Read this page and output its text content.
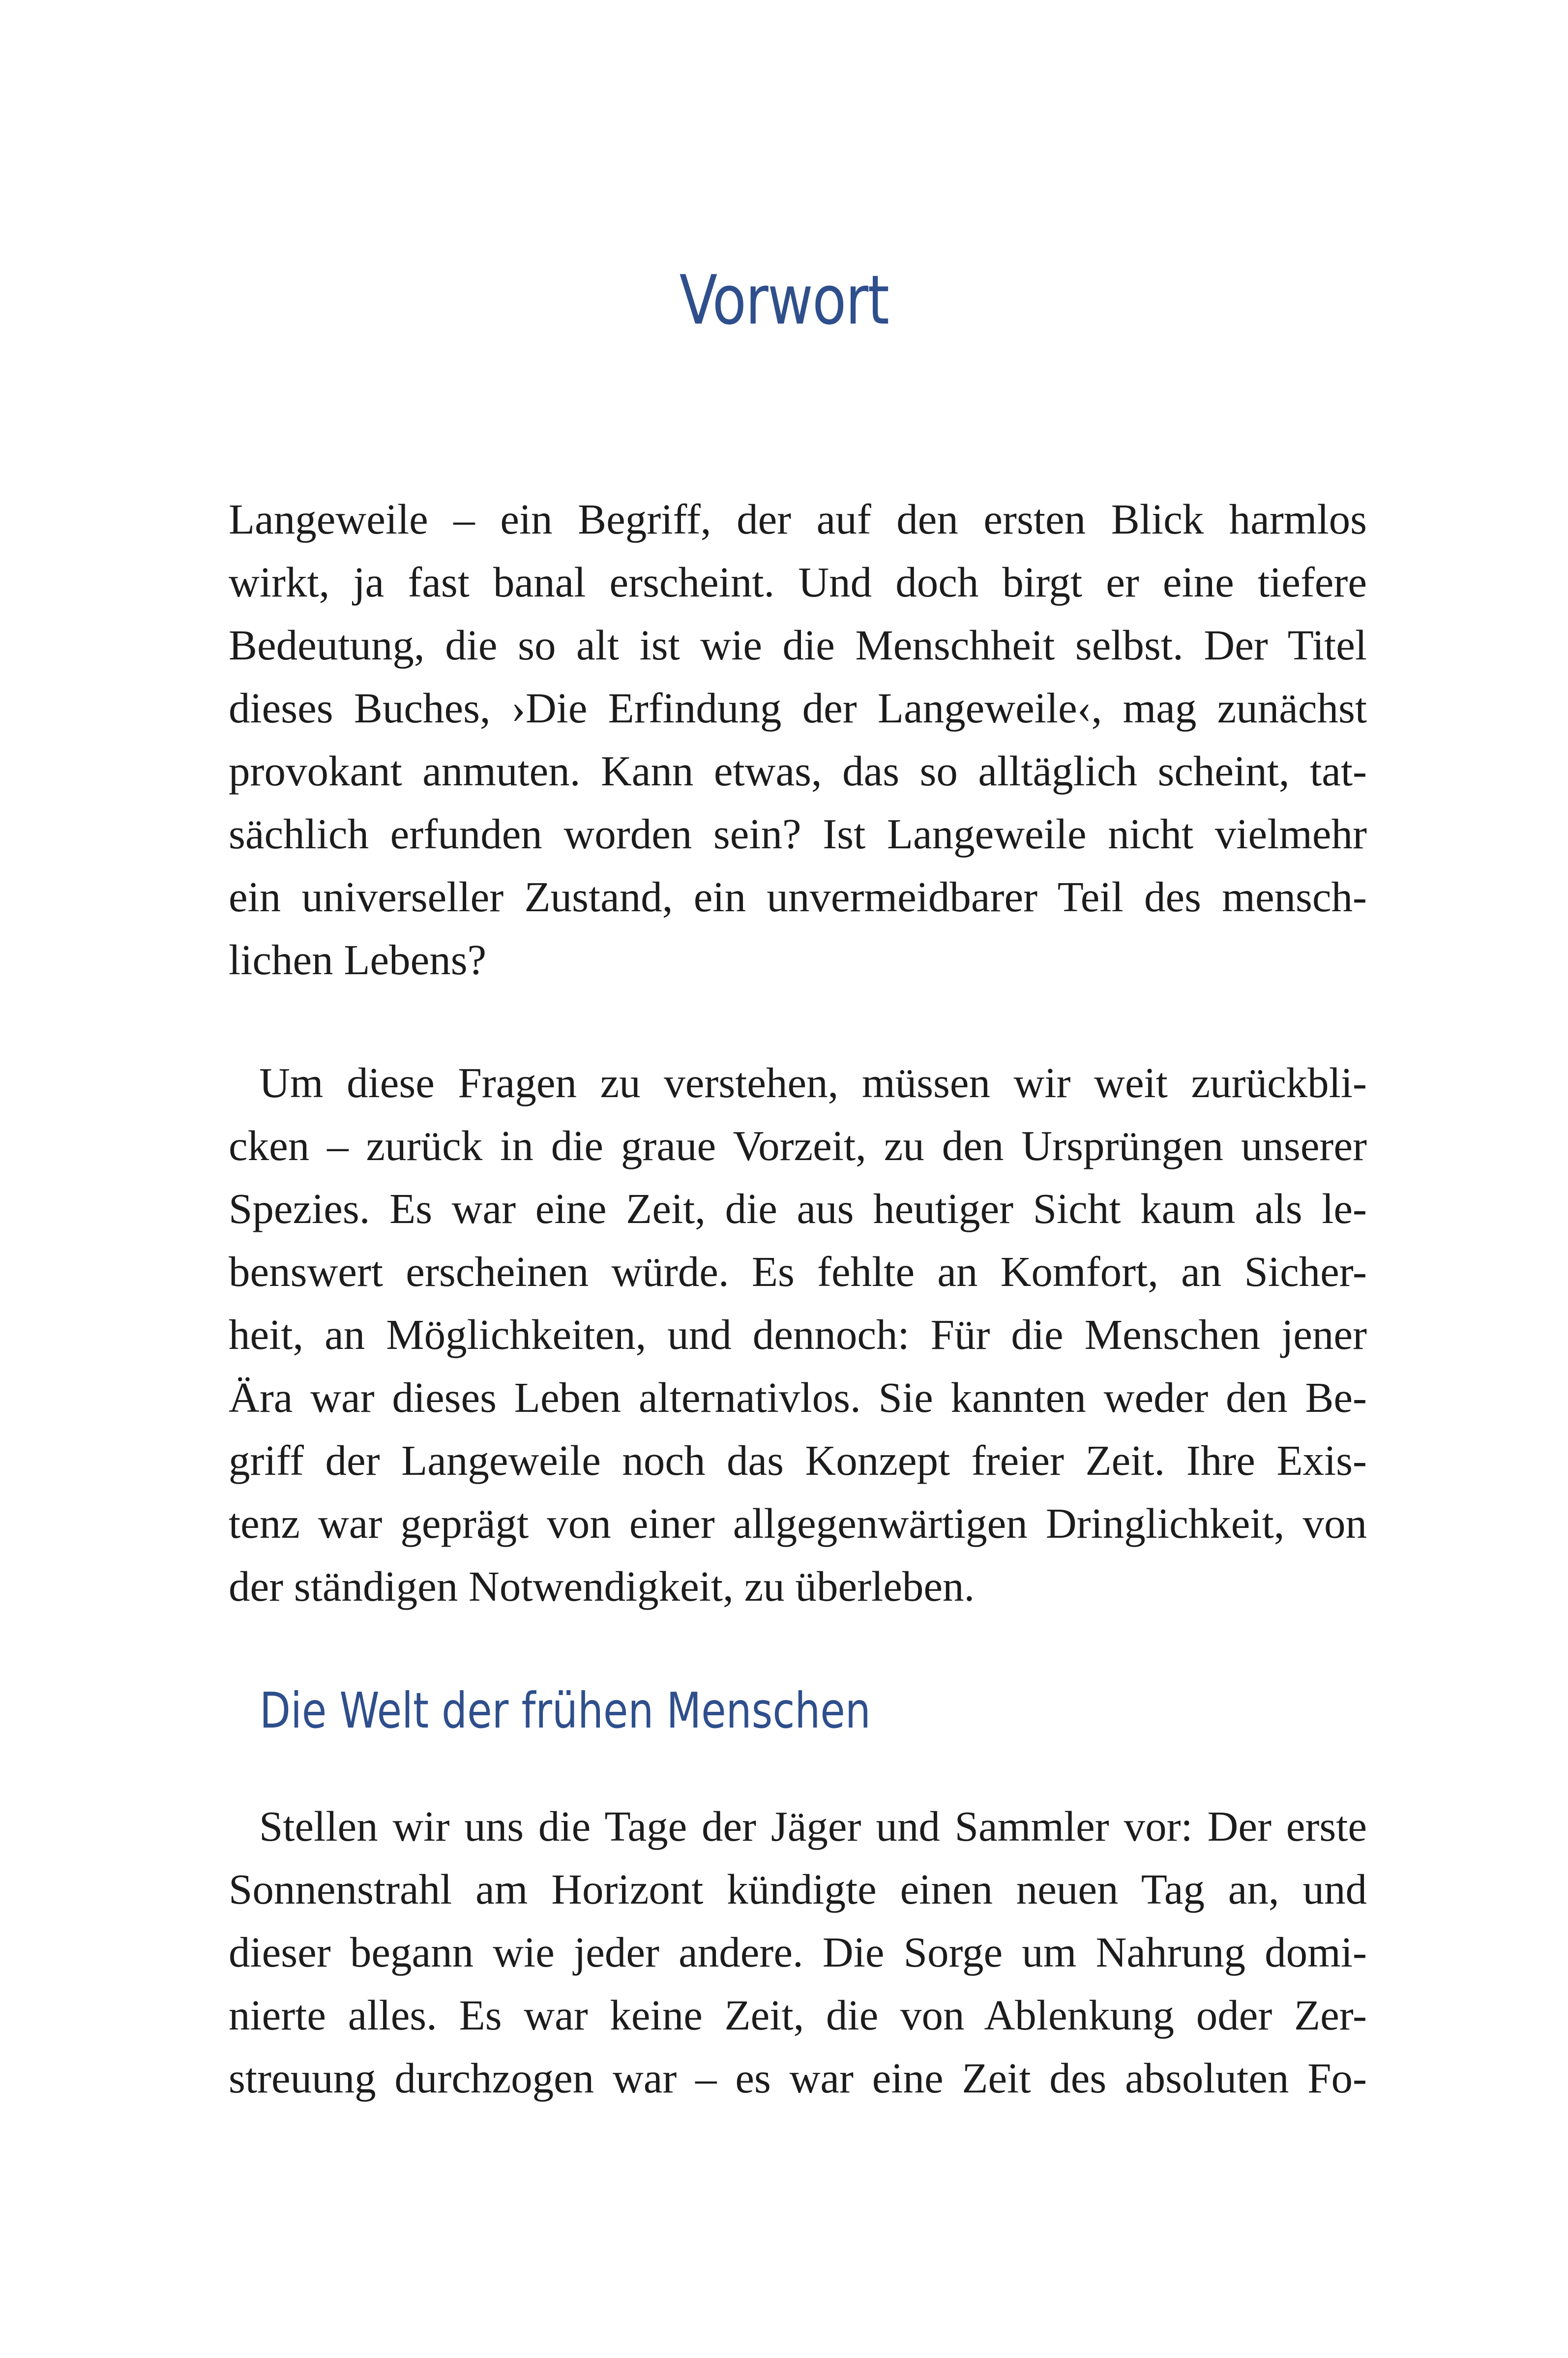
Vorwort
Langeweile – ein Begriff, der auf den ersten Blick harmlos
wirkt, ja fast banal erscheint. Und doch birgt er eine tiefere
Bedeutung, die so alt ist wie die Menschheit selbst. Der Titel
dieses Buches, ›Die Erfindung der Langeweile‹, mag zunächst
provokant anmuten. Kann etwas, das so alltäglich scheint, tat-
sächlich erfunden worden sein? Ist Langeweile nicht vielmehr
ein universeller Zustand, ein unvermeidbarer Teil des mensch-
lichen Lebens?
Um diese Fragen zu verstehen, müssen wir weit zurückbli-
cken – zurück in die graue Vorzeit, zu den Ursprüngen unserer
Spezies. Es war eine Zeit, die aus heutiger Sicht kaum als le-
benswert erscheinen würde. Es fehlte an Komfort, an Sicher-
heit, an Möglichkeiten, und dennoch: Für die Menschen jener
Ära war dieses Leben alternativlos. Sie kannten weder den Be-
griff der Langeweile noch das Konzept freier Zeit. Ihre Exis-
tenz war geprägt von einer allgegenwärtigen Dringlichkeit, von
der ständigen Notwendigkeit, zu überleben.
Die Welt der frühen Menschen
Stellen wir uns die Tage der Jäger und Sammler vor: Der erste
Sonnenstrahl am Horizont kündigte einen neuen Tag an, und
dieser begann wie jeder andere. Die Sorge um Nahrung domi-
nierte alles. Es war keine Zeit, die von Ablenkung oder Zer-
streuung durchzogen war – es war eine Zeit des absoluten Fo-
